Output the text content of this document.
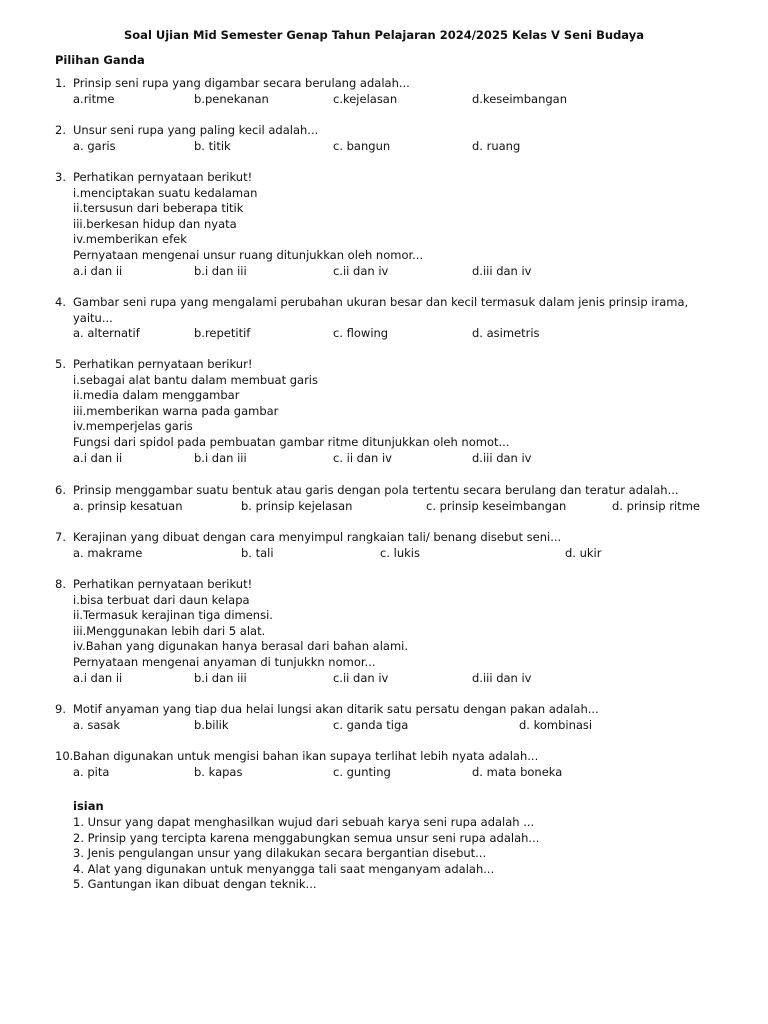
Soal Ujian Mid Semester Genap Tahun Pelajaran 2024/2025 Kelas V Seni Budaya
Pilihan Ganda
1. Prinsip seni rupa yang digambar secara berulang adalah...
a.ritme	b.penekanan	c.kejelasan	d.keseimbangan
2. Unsur seni rupa yang paling kecil adalah...
a. garis	b. titik	c. bangun	d. ruang
3. Perhatikan pernyataan berikut!
i.menciptakan suatu kedalaman
ii.tersusun dari beberapa titik
iii.berkesan hidup dan nyata
iv.memberikan efek
Pernyataan mengenai unsur ruang ditunjukkan oleh nomor...
a.i dan ii	b.i dan iii	c.ii dan iv	d.iii dan iv
4. Gambar seni rupa yang mengalami perubahan ukuran besar dan kecil termasuk dalam jenis prinsip irama,
yaitu...
a. alternatif	b.repetitif	c. flowing	d. asimetris
5. Perhatikan pernyataan berikur!
i.sebagai alat bantu dalam membuat garis
ii.media dalam menggambar
iii.memberikan warna pada gambar
iv.memperjelas garis
Fungsi dari spidol pada pembuatan gambar ritme ditunjukkan oleh nomot...
a.i dan ii	b.i dan iii	c. ii dan iv	d.iii dan iv
6. Prinsip menggambar suatu bentuk atau garis dengan pola tertentu secara berulang dan teratur adalah...
a. prinsip kesatuan	b. prinsip kejelasan	c. prinsip keseimbangan	d. prinsip ritme
7. Kerajinan yang dibuat dengan cara menyimpul rangkaian tali/ benang disebut seni...
a. makrame	b. tali	c. lukis	d. ukir
8. Perhatikan pernyataan berikut!
i.bisa terbuat dari daun kelapa
ii.Termasuk kerajinan tiga dimensi.
iii.Menggunakan lebih dari 5 alat.
iv.Bahan yang digunakan hanya berasal dari bahan alami.
Pernyataan mengenai anyaman di tunjukkn nomor...
a.i dan ii	b.i dan iii	c.ii dan iv	d.iii dan iv
9. Motif anyaman yang tiap dua helai lungsi akan ditarik satu persatu dengan pakan adalah...
a. sasak	b.bilik	c. ganda tiga	d. kombinasi
10. Bahan digunakan untuk mengisi bahan ikan supaya terlihat lebih nyata adalah...
a. pita	b. kapas	c. gunting	d. mata boneka
isian
1. Unsur yang dapat menghasilkan wujud dari sebuah karya seni rupa adalah ...
2. Prinsip yang tercipta karena menggabungkan semua unsur seni rupa adalah...
3. Jenis pengulangan unsur yang dilakukan secara bergantian disebut...
4. Alat yang digunakan untuk menyangga tali saat menganyam adalah...
5. Gantungan ikan dibuat dengan teknik...
